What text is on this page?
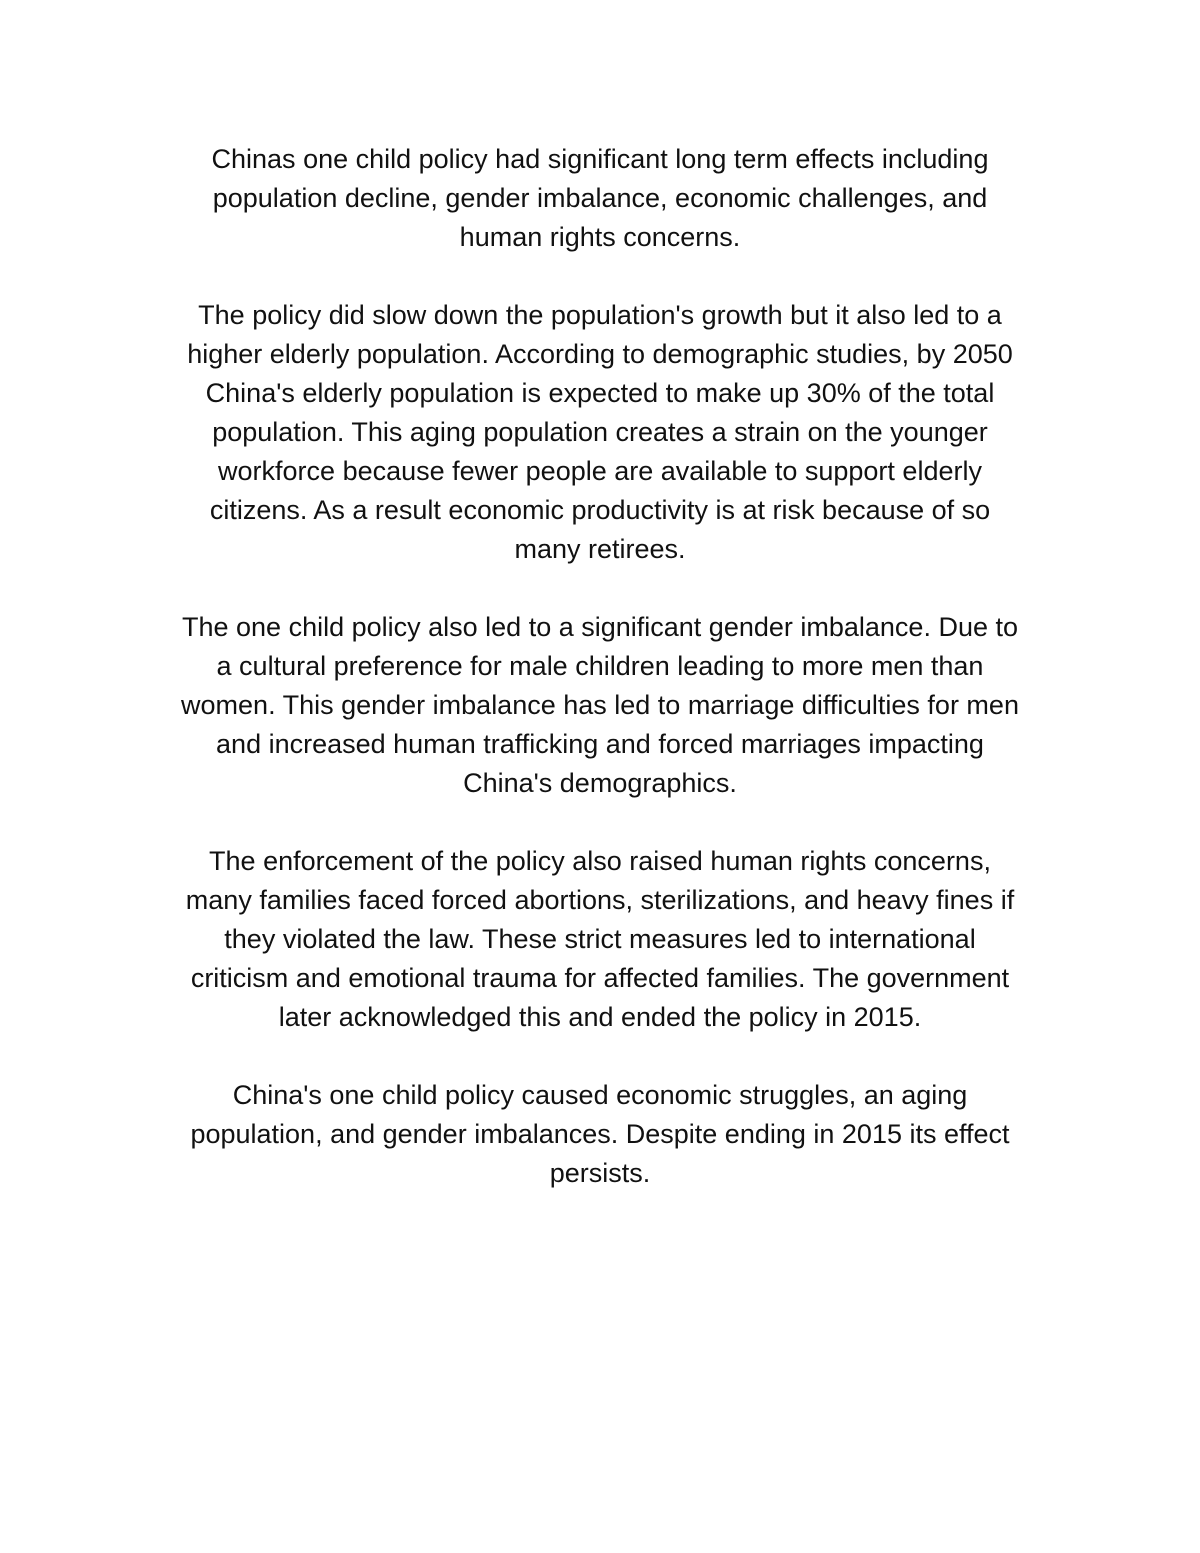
Chinas one child policy had significant long term effects including
population decline, gender imbalance, economic challenges, and
human rights concerns.

The policy did slow down the population's growth but it also led to a
higher elderly population. According to demographic studies, by 2050
China's elderly population is expected to make up 30% of the total
population. This aging population creates a strain on the younger
workforce because fewer people are available to support elderly
citizens. As a result economic productivity is at risk because of so
many retirees.

The one child policy also led to a significant gender imbalance. Due to
a cultural preference for male children leading to more men than
women. This gender imbalance has led to marriage difficulties for men
and increased human trafficking and forced marriages impacting
China's demographics.

The enforcement of the policy also raised human rights concerns,
many families faced forced abortions, sterilizations, and heavy fines if
they violated the law. These strict measures led to international
criticism and emotional trauma for affected families. The government
later acknowledged this and ended the policy in 2015.

China's one child policy caused economic struggles, an aging
population, and gender imbalances. Despite ending in 2015 its effect
persists.
